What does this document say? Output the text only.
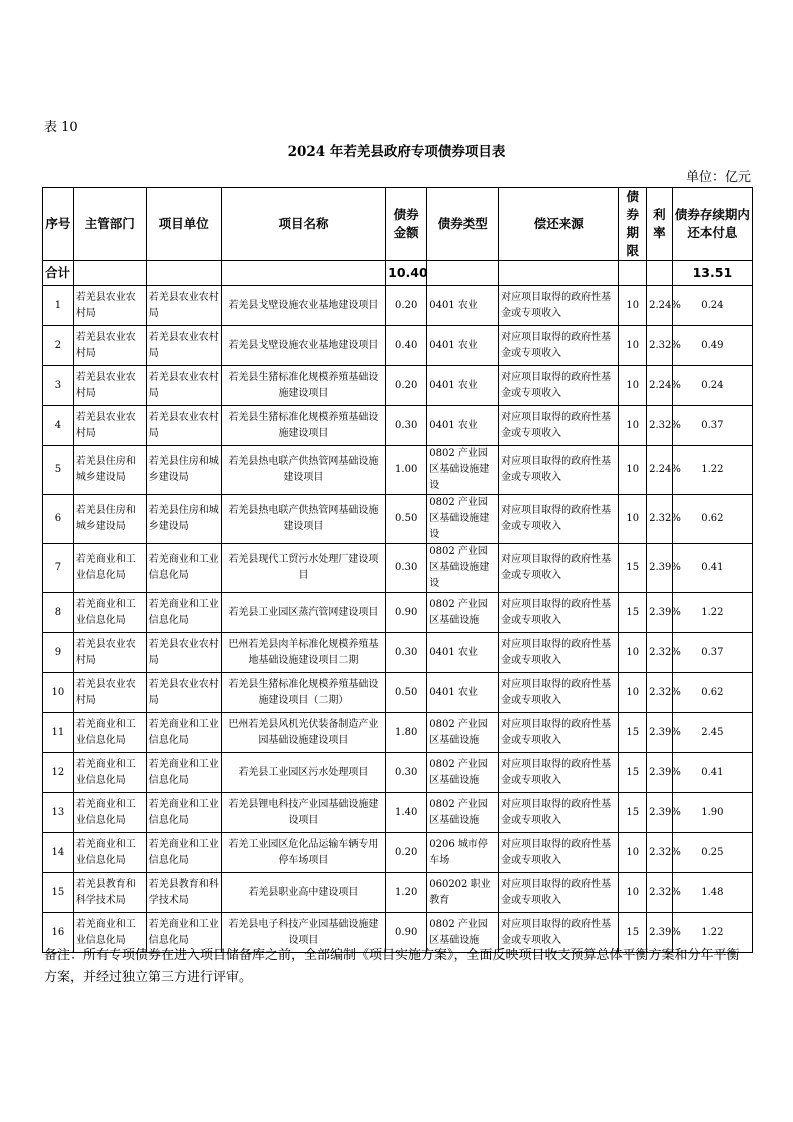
表 10
2024 年若羌县政府专项债券项目表
单位：亿元
序号	主管部门	项目单位	项目名称	债券金额	债券类型	偿还来源	债券期限	利率	债券存续期内还本付息
合计				10.40					13.51
1	若羌县农业农村局	若羌县农业农村局	若羌县戈壁设施农业基地建设项目	0.20	0401 农业	对应项目取得的政府性基金或专项收入	10	2.24%	0.24
2	若羌县农业农村局	若羌县农业农村局	若羌县戈壁设施农业基地建设项目	0.40	0401 农业	对应项目取得的政府性基金或专项收入	10	2.32%	0.49
3	若羌县农业农村局	若羌县农业农村局	若羌县生猪标准化规模养殖基础设施建设项目	0.20	0401 农业	对应项目取得的政府性基金或专项收入	10	2.24%	0.24
4	若羌县农业农村局	若羌县农业农村局	若羌县生猪标准化规模养殖基础设施建设项目	0.30	0401 农业	对应项目取得的政府性基金或专项收入	10	2.32%	0.37
5	若羌县住房和城乡建设局	若羌县住房和城乡建设局	若羌县热电联产供热管网基础设施建设项目	1.00	0802 产业园区基础设施建设	对应项目取得的政府性基金或专项收入	10	2.24%	1.22
6	若羌县住房和城乡建设局	若羌县住房和城乡建设局	若羌县热电联产供热管网基础设施建设项目	0.50	0802 产业园区基础设施建设	对应项目取得的政府性基金或专项收入	10	2.32%	0.62
7	若羌商业和工业信息化局	若羌商业和工业信息化局	若羌县现代工贸污水处理厂建设项目	0.30	0802 产业园区基础设施建设	对应项目取得的政府性基金或专项收入	15	2.39%	0.41
8	若羌商业和工业信息化局	若羌商业和工业信息化局	若羌县工业园区蒸汽管网建设项目	0.90	0802 产业园区基础设施	对应项目取得的政府性基金或专项收入	15	2.39%	1.22
9	若羌县农业农村局	若羌县农业农村局	巴州若羌县肉羊标准化规模养殖基地基础设施建设项目二期	0.30	0401 农业	对应项目取得的政府性基金或专项收入	10	2.32%	0.37
10	若羌县农业农村局	若羌县农业农村局	若羌县生猪标准化规模养殖基础设施建设项目（二期）	0.50	0401 农业	对应项目取得的政府性基金或专项收入	10	2.32%	0.62
11	若羌商业和工业信息化局	若羌商业和工业信息化局	巴州若羌县风机光伏装备制造产业园基础设施建设项目	1.80	0802 产业园区基础设施	对应项目取得的政府性基金或专项收入	15	2.39%	2.45
12	若羌商业和工业信息化局	若羌商业和工业信息化局	若羌县工业园区污水处理项目	0.30	0802 产业园区基础设施	对应项目取得的政府性基金或专项收入	15	2.39%	0.41
13	若羌商业和工业信息化局	若羌商业和工业信息化局	若羌县锂电科技产业园基础设施建设项目	1.40	0802 产业园区基础设施	对应项目取得的政府性基金或专项收入	15	2.39%	1.90
14	若羌商业和工业信息化局	若羌商业和工业信息化局	若羌工业园区危化品运输车辆专用停车场项目	0.20	0206 城市停车场	对应项目取得的政府性基金或专项收入	10	2.32%	0.25
15	若羌县教育和科学技术局	若羌县教育和科学技术局	若羌县职业高中建设项目	1.20	060202 职业教育	对应项目取得的政府性基金或专项收入	10	2.32%	1.48
16	若羌商业和工业信息化局	若羌商业和工业信息化局	若羌县电子科技产业园基础设施建设项目	0.90	0802 产业园区基础设施	对应项目取得的政府性基金或专项收入	15	2.39%	1.22
备注：所有专项债券在进入项目储备库之前，全部编制《项目实施方案》，全面反映项目收支预算总体平衡方案和分年平衡方案，并经过独立第三方进行评审。
